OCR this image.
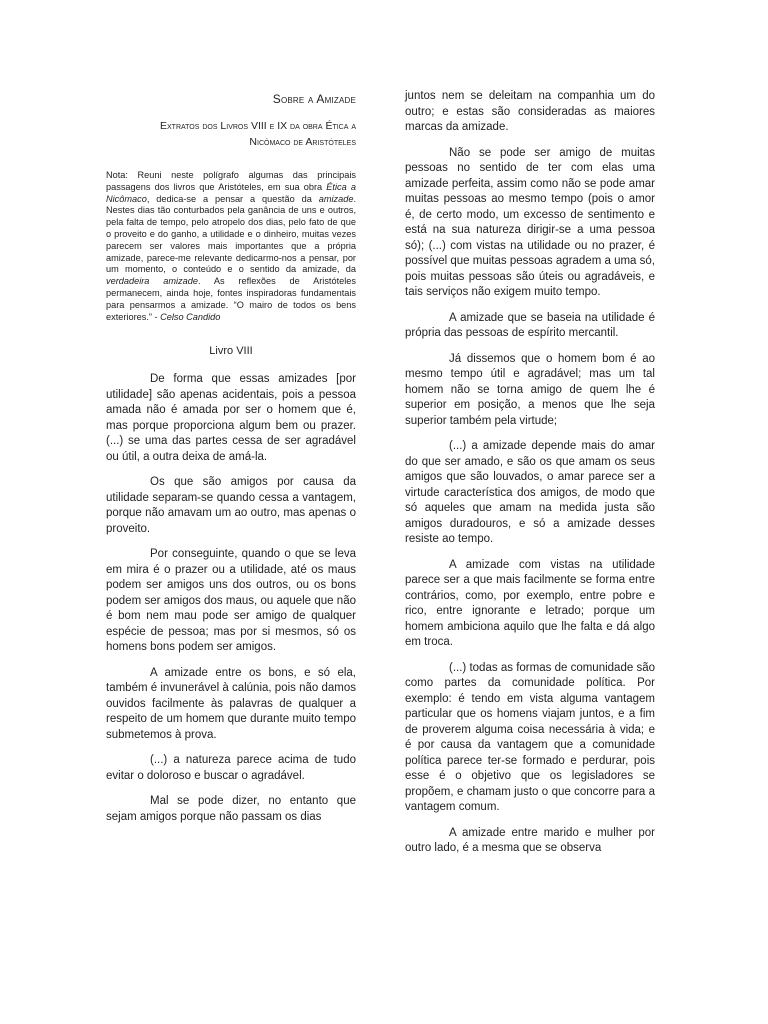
Sobre a Amizade
Extratos dos Livros VIII e IX da obra Ética a
Nicômaco de Aristóteles
Nota: Reuni neste polígrafo algumas das principais passagens dos livros que Aristóteles, em sua obra Ética a Nicômaco, dedica-se a pensar a questão da amizade. Nestes dias tão conturbados pela ganância de uns e outros, pela falta de tempo, pelo atropelo dos dias, pelo fato de que o proveito e do ganho, a utilidade e o dinheiro, muitas vezes parecem ser valores mais importantes que a própria amizade, parece-me relevante dedicarmo-nos a pensar, por um momento, o conteúdo e o sentido da amizade, da verdadeira amizade. As reflexões de Aristóteles permanecem, ainda hoje, fontes inspiradoras fundamentais para pensarmos a amizade. “O mairo de todos os bens exteriores.” - Celso Candido
Livro VIII

De forma que essas amizades [por utilidade] são apenas acidentais, pois a pessoa amada não é amada por ser o homem que é, mas porque proporciona algum bem ou prazer. (...) se uma das partes cessa de ser agradável ou útil, a outra deixa de amá-la.

Os que são amigos por causa da utilidade separam-se quando cessa a vantagem, porque não amavam um ao outro, mas apenas o proveito.

Por conseguinte, quando o que se leva em mira é o prazer ou a utilidade, até os maus podem ser amigos uns dos outros, ou os bons podem ser amigos dos maus, ou aquele que não é bom nem mau pode ser amigo de qualquer espécie de pessoa; mas por si mesmos, só os homens bons podem ser amigos.

A amizade entre os bons, e só ela, também é invunerável à calúnia, pois não damos ouvidos facilmente às palavras de qualquer a respeito de um homem que durante muito tempo submetemos à prova.

(...) a natureza parece acima de tudo evitar o doloroso e buscar o agradável.

Mal se pode dizer, no entanto que sejam amigos porque não passam os dias

juntos nem se deleitam na companhia um do outro; e estas são consideradas as maiores marcas da amizade.

Não se pode ser amigo de muitas pessoas no sentido de ter com elas uma amizade perfeita, assim como não se pode amar muitas pessoas ao mesmo tempo (pois o amor é, de certo modo, um excesso de sentimento e está na sua natureza dirigir-se a uma pessoa só); (...) com vistas na utilidade ou no prazer, é possível que muitas pessoas agradem a uma só, pois muitas pessoas são úteis ou agradáveis, e tais serviços não exigem muito tempo.

A amizade que se baseia na utilidade é própria das pessoas de espírito mercantil.

Já dissemos que o homem bom é ao mesmo tempo útil e agradável; mas um tal homem não se torna amigo de quem lhe é superior em posição, a menos que lhe seja superior também pela virtude;

(...) a amizade depende mais do amar do que ser amado, e são os que amam os seus amigos que são louvados, o amar parece ser a virtude característica dos amigos, de modo que só aqueles que amam na medida justa são amigos duradouros, e só a amizade desses resiste ao tempo.

A amizade com vistas na utilidade parece ser a que mais facilmente se forma entre contrários, como, por exemplo, entre pobre e rico, entre ignorante e letrado; porque um homem ambiciona aquilo que lhe falta e dá algo em troca.

(...) todas as formas de comunidade são como partes da comunidade política. Por exemplo: é tendo em vista alguma vantagem particular que os homens viajam juntos, e a fim de proverem alguma coisa necessária à vida; e é por causa da vantagem que a comunidade política parece ter-se formado e perdurar, pois esse é o objetivo que os legisladores se propõem, e chamam justo o que concorre para a vantagem comum.

A amizade entre marido e mulher por outro lado, é a mesma que se observa
